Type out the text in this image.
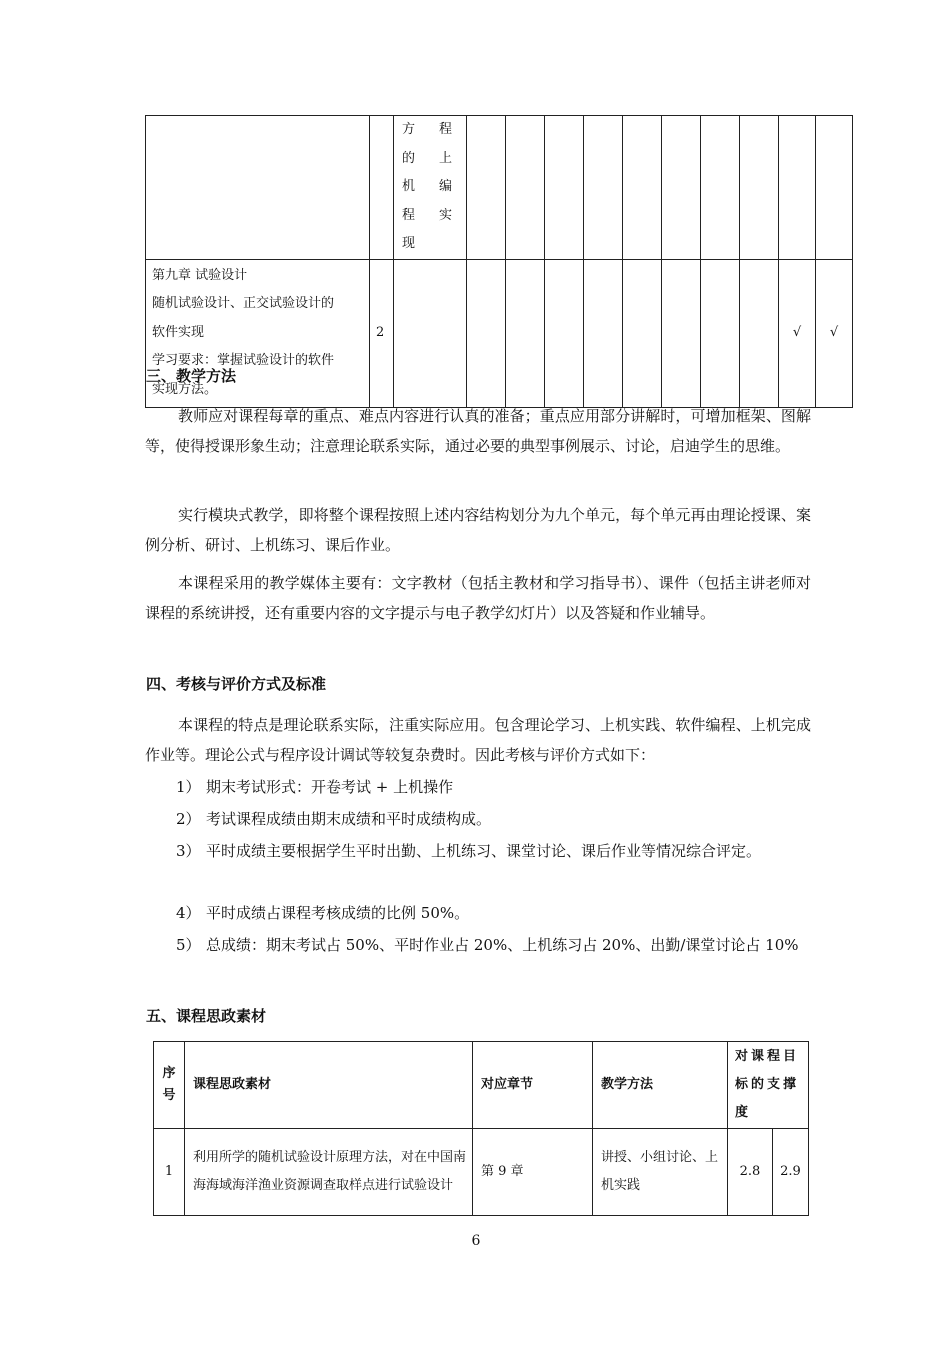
		方程的上机编程实现										

第九章 试验设计
随机试验设计、正交试验设计的
软件实现
学习要求：掌握试验设计的软件
实现方法。	2										√	√
三、教学方法

教师应对课程每章的重点、难点内容进行认真的准备；重点应用部分讲解时，可增加框架、图解等，使得授课形象生动；注意理论联系实际，通过必要的典型事例展示、讨论，启迪学生的思维。

实行模块式教学，即将整个课程按照上述内容结构划分为九个单元，每个单元再由理论授课、案例分析、研讨、上机练习、课后作业。

本课程采用的教学媒体主要有：文字教材（包括主教材和学习指导书）、课件（包括主讲老师对课程的系统讲授，还有重要内容的文字提示与电子教学幻灯片）以及答疑和作业辅导。

四、考核与评价方式及标准

本课程的特点是理论联系实际，注重实际应用。包含理论学习、上机实践、软件编程、上机完成作业等。理论公式与程序设计调试等较复杂费时。因此考核与评价方式如下：

1） 期末考试形式：开卷考试 + 上机操作
2） 考试课程成绩由期末成绩和平时成绩构成。
3） 平时成绩主要根据学生平时出勤、上机练习、课堂讨论、课后作业等情况综合评定。
4） 平时成绩占课程考核成绩的比例 50%。
5） 总成绩：期末考试占 50%、平时作业占 20%、上机练习占 20%、出勤/课堂讨论占 10%
五、课程思政素材
序号	课程思政素材	对应章节	教学方法	对课程目标的支撑度	

1	利用所学的随机试验设计原理方法，对在中国南海海域海洋渔业资源调查取样点进行试验设计	第 9 章	讲授、小组讨论、上机实践	2.8	2.9
6
